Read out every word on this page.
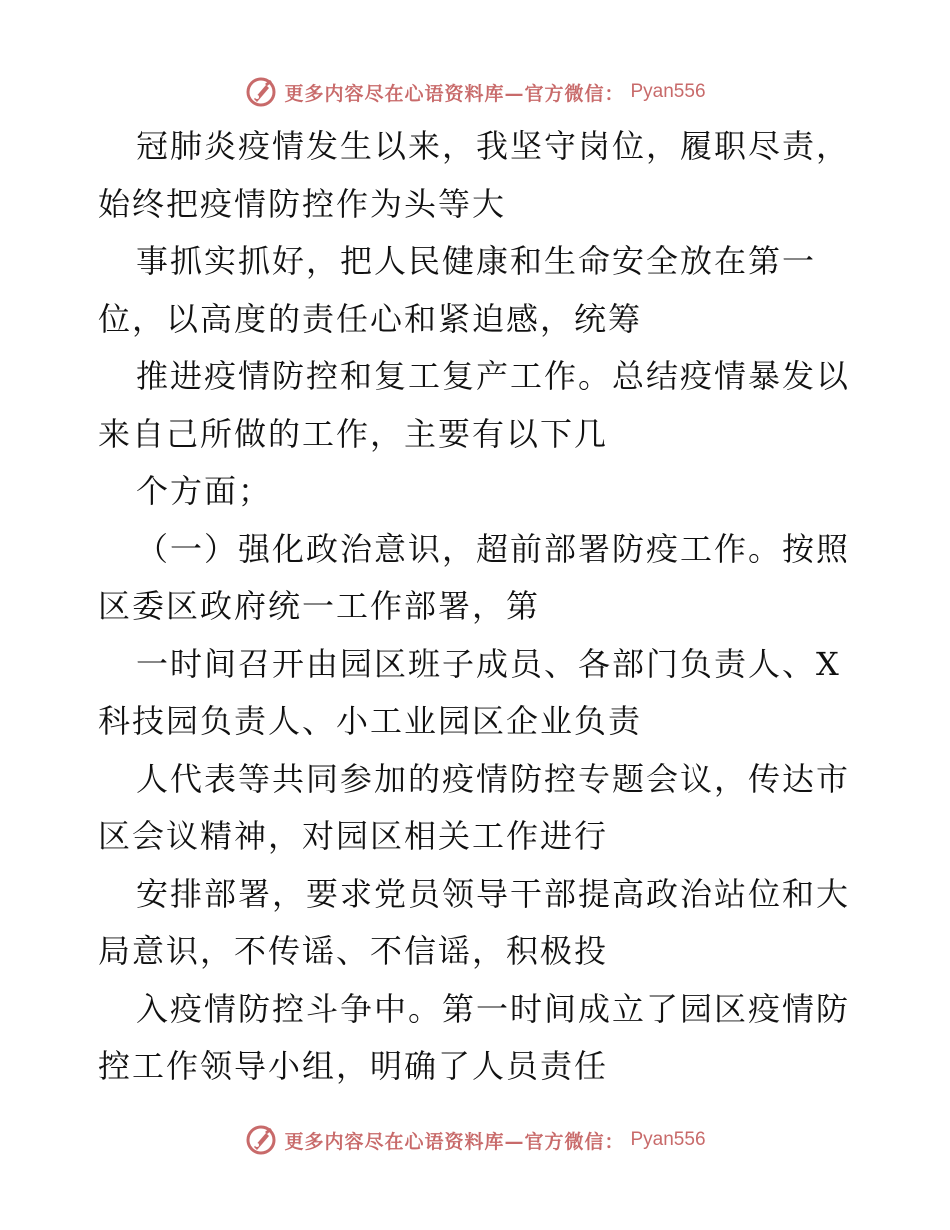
更多内容尽在心语资料库—官方微信： Pyan556
冠肺炎疫情发生以来，我坚守岗位，履职尽责，
始终把疫情防控作为头等大
事抓实抓好，把人民健康和生命安全放在第一
位，以高度的责任心和紧迫感，统筹
推进疫情防控和复工复产工作。总结疫情暴发以
来自己所做的工作，主要有以下几
个方面；
（一）强化政治意识，超前部署防疫工作。按照
区委区政府统一工作部署，第
一时间召开由园区班子成员、各部门负责人、X
科技园负责人、小工业园区企业负责
人代表等共同参加的疫情防控专题会议，传达市
区会议精神，对园区相关工作进行
安排部署，要求党员领导干部提高政治站位和大
局意识，不传谣、不信谣，积极投
入疫情防控斗争中。第一时间成立了园区疫情防
控工作领导小组，明确了人员责任
更多内容尽在心语资料库—官方微信： Pyan556
